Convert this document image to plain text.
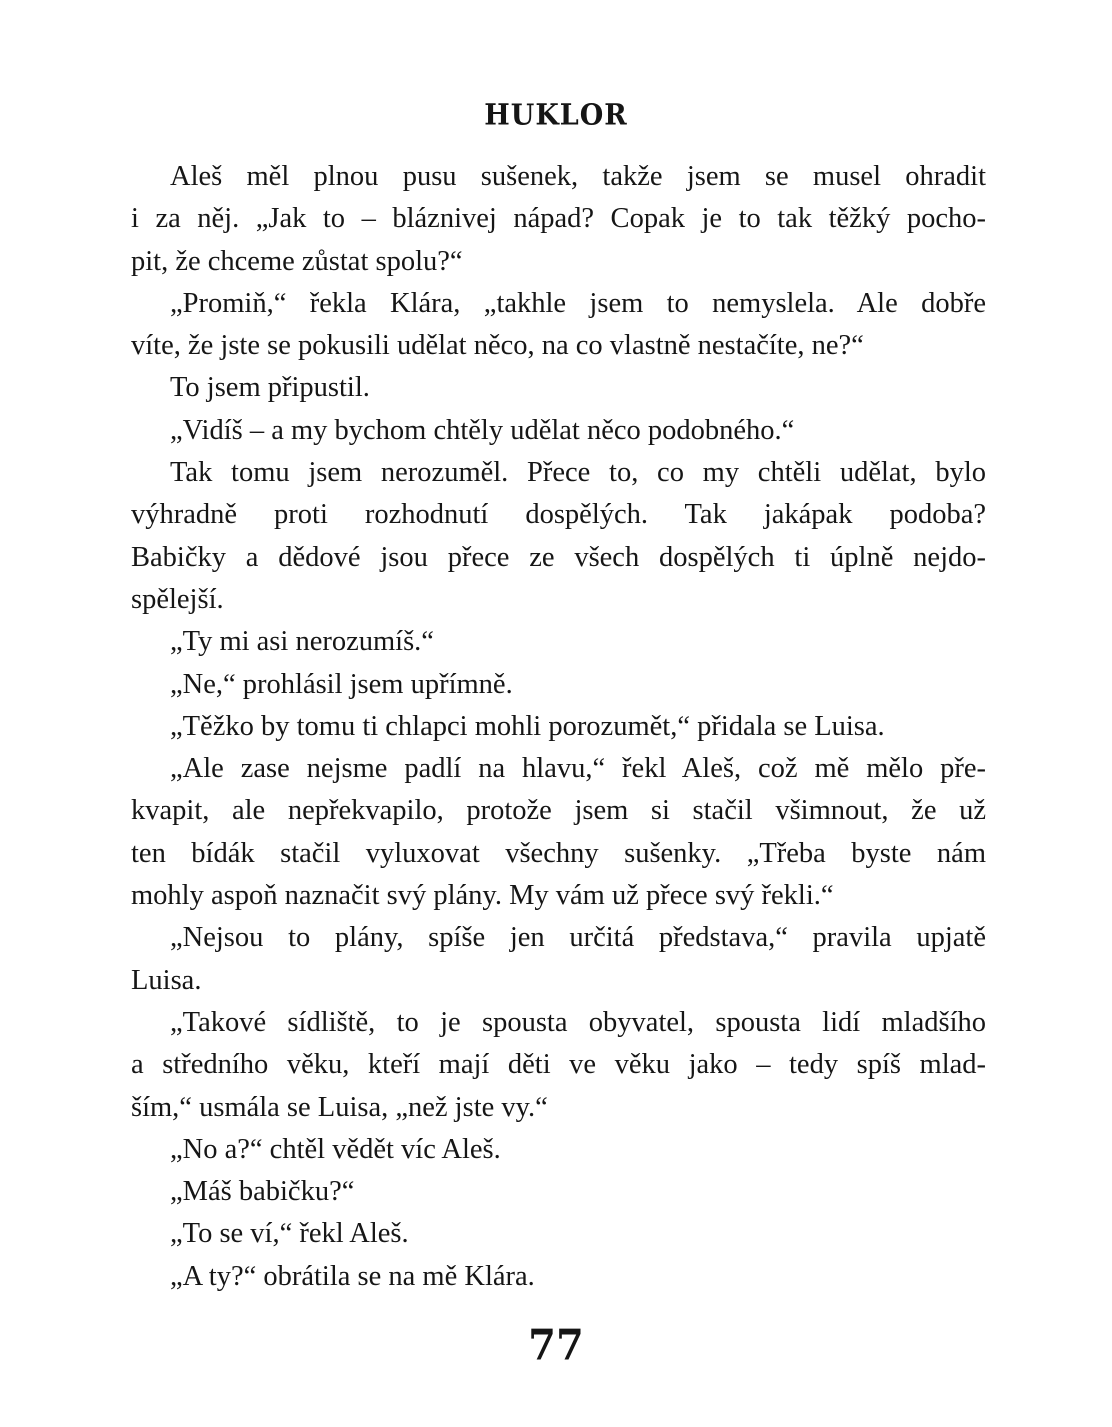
HUKLOR
Aleš měl plnou pusu sušenek, takže jsem se musel ohradit
i za něj. „Jak to – bláznivej nápad? Copak je to tak těžký pocho-
pit, že chceme zůstat spolu?“
„Promiň,“ řekla Klára, „takhle jsem to nemyslela. Ale dobře
víte, že jste se pokusili udělat něco, na co vlastně nestačíte, ne?“
To jsem připustil.
„Vidíš – a my bychom chtěly udělat něco podobného.“
Tak tomu jsem nerozuměl. Přece to, co my chtěli udělat, bylo
výhradně proti rozhodnutí dospělých. Tak jakápak podoba?
Babičky a dědové jsou přece ze všech dospělých ti úplně nejdo-
spělejší.
„Ty mi asi nerozumíš.“
„Ne,“ prohlásil jsem upřímně.
„Těžko by tomu ti chlapci mohli porozumět,“ přidala se Luisa.
„Ale zase nejsme padlí na hlavu,“ řekl Aleš, což mě mělo pře-
kvapit, ale nepřekvapilo, protože jsem si stačil všimnout, že už
ten bídák stačil vyluxovat všechny sušenky. „Třeba byste nám
mohly aspoň naznačit svý plány. My vám už přece svý řekli.“
„Nejsou to plány, spíše jen určitá představa,“ pravila upjatě
Luisa.
„Takové sídliště, to je spousta obyvatel, spousta lidí mladšího
a středního věku, kteří mají děti ve věku jako – tedy spíš mlad-
ším,“ usmála se Luisa, „než jste vy.“
„No a?“ chtěl vědět víc Aleš.
„Máš babičku?“
„To se ví,“ řekl Aleš.
„A ty?“ obrátila se na mě Klára.
77
